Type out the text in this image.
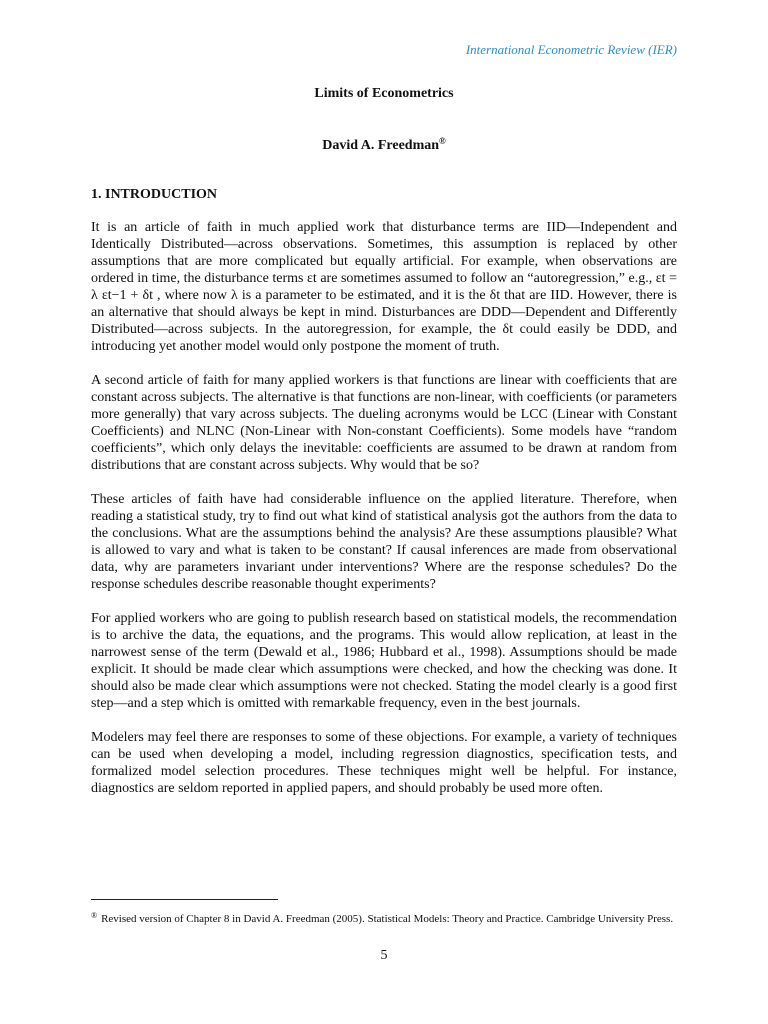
International Econometric Review (IER)
Limits of Econometrics
David A. Freedman®
1. INTRODUCTION

It is an article of faith in much applied work that disturbance terms are IID—Independent and Identically Distributed—across observations. Sometimes, this assumption is replaced by other assumptions that are more complicated but equally artificial. For example, when observations are ordered in time, the disturbance terms εt are sometimes assumed to follow an “autoregression,” e.g., εt = λ εt−1 + δt , where now λ is a parameter to be estimated, and it is the δt that are IID. However, there is an alternative that should always be kept in mind. Disturbances are DDD—Dependent and Differently Distributed—across subjects. In the autoregression, for example, the δt could easily be DDD, and introducing yet another model would only postpone the moment of truth.

A second article of faith for many applied workers is that functions are linear with coefficients that are constant across subjects. The alternative is that functions are non-linear, with coefficients (or parameters more generally) that vary across subjects. The dueling acronyms would be LCC (Linear with Constant Coefficients) and NLNC (Non-Linear with Non-constant Coefficients). Some models have “random coefficients”, which only delays the inevitable: coefficients are assumed to be drawn at random from distributions that are constant across subjects. Why would that be so?

These articles of faith have had considerable influence on the applied literature. Therefore, when reading a statistical study, try to find out what kind of statistical analysis got the authors from the data to the conclusions. What are the assumptions behind the analysis? Are these assumptions plausible? What is allowed to vary and what is taken to be constant? If causal inferences are made from observational data, why are parameters invariant under interventions? Where are the response schedules? Do the response schedules describe reasonable thought experiments?

For applied workers who are going to publish research based on statistical models, the recommendation is to archive the data, the equations, and the programs. This would allow replication, at least in the narrowest sense of the term (Dewald et al., 1986; Hubbard et al., 1998). Assumptions should be made explicit. It should be made clear which assumptions were checked, and how the checking was done. It should also be made clear which assumptions were not checked. Stating the model clearly is a good first step—and a step which is omitted with remarkable frequency, even in the best journals.

Modelers may feel there are responses to some of these objections. For example, a variety of techniques can be used when developing a model, including regression diagnostics, specification tests, and formalized model selection procedures. These techniques might well be helpful. For instance, diagnostics are seldom reported in applied papers, and should probably be used more often.

® Revised version of Chapter 8 in David A. Freedman (2005). Statistical Models: Theory and Practice. Cambridge University Press.
5
